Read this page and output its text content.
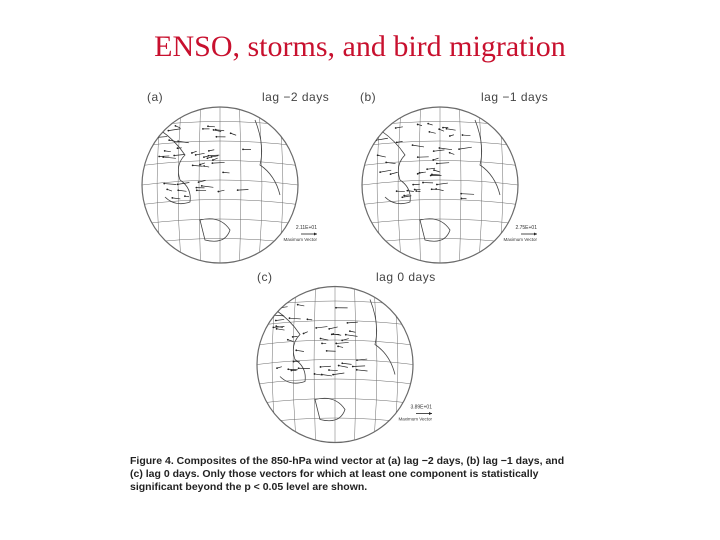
ENSO, storms, and bird migration
(a)	lag −2 days
2.11E+01
Maximum Vector
(b)	lag −1 days
2.75E+01
Maximum Vector
(c)	lag 0 days
3.89E+01
Maximum Vector
Figure 4. Composites of the 850-hPa wind vector at (a) lag −2 days, (b) lag −1 days, and (c) lag 0 days. Only those vectors for which at least one component is statistically significant beyond the p < 0.05 level are shown.
